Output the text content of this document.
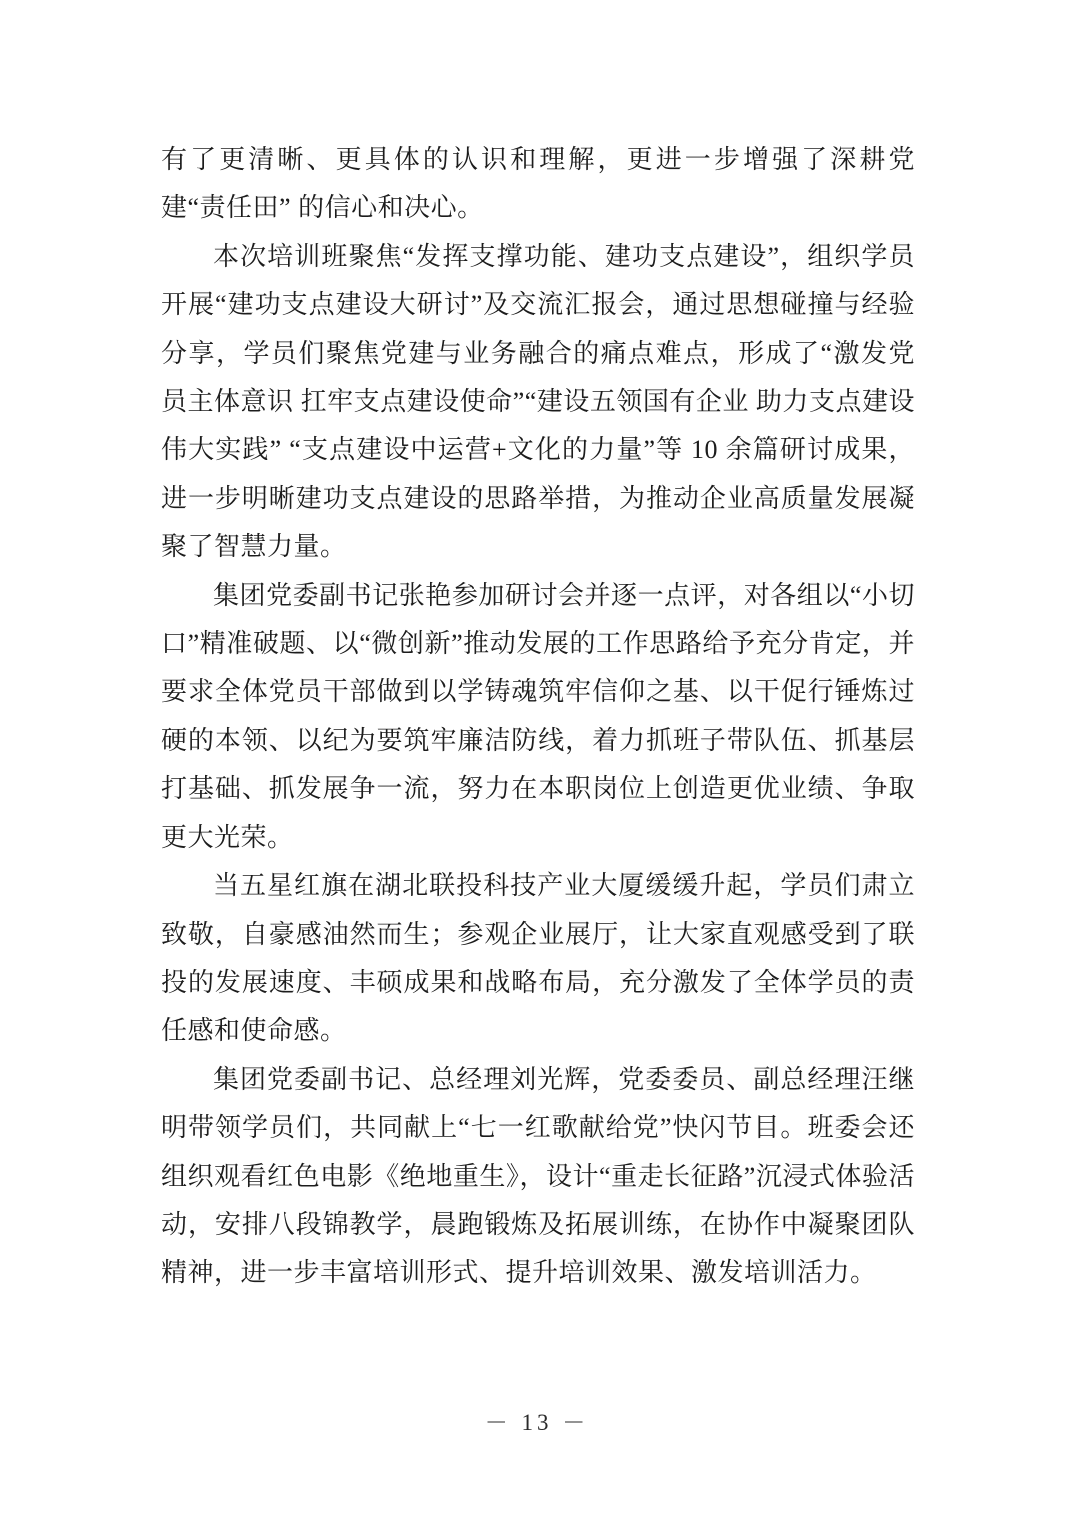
有了更清晰、更具体的认识和理解，更进一步增强了深耕党建“责任田” 的信心和决心。

本次培训班聚焦“发挥支撑功能、建功支点建设”，组织学员开展“建功支点建设大研讨”及交流汇报会，通过思想碰撞与经验分享，学员们聚焦党建与业务融合的痛点难点，形成了“激发党员主体意识 扛牢支点建设使命”“建设五领国有企业 助力支点建设伟大实践” “支点建设中运营+文化的力量”等 10 余篇研讨成果，进一步明晰建功支点建设的思路举措，为推动企业高质量发展凝聚了智慧力量。

集团党委副书记张艳参加研讨会并逐一点评，对各组以“小切口”精准破题、以“微创新”推动发展的工作思路给予充分肯定，并要求全体党员干部做到以学铸魂筑牢信仰之基、以干促行锤炼过硬的本领、以纪为要筑牢廉洁防线，着力抓班子带队伍、抓基层打基础、抓发展争一流，努力在本职岗位上创造更优业绩、争取更大光荣。

当五星红旗在湖北联投科技产业大厦缓缓升起，学员们肃立致敬，自豪感油然而生；参观企业展厅，让大家直观感受到了联投的发展速度、丰硕成果和战略布局，充分激发了全体学员的责任感和使命感。

集团党委副书记、总经理刘光辉，党委委员、副总经理汪继明带领学员们，共同献上“七一红歌献给党”快闪节目。班委会还组织观看红色电影《绝地重生》，设计“重走长征路”沉浸式体验活动，安排八段锦教学，晨跑锻炼及拓展训练，在协作中凝聚团队精神，进一步丰富培训形式、提升培训效果、激发培训活力。

－ 13 －
